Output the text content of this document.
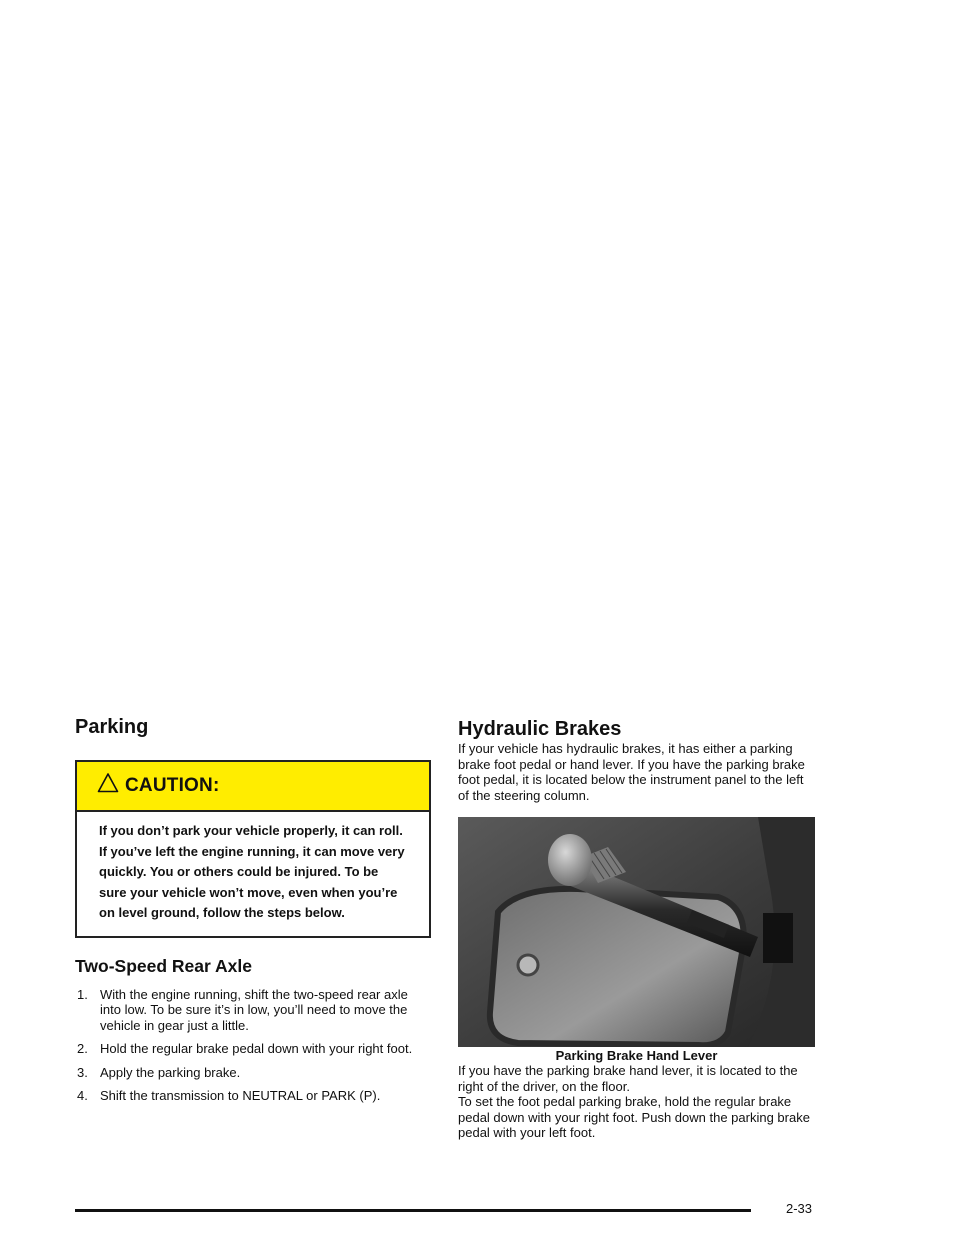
Parking
CAUTION:
If you don’t park your vehicle properly, it can roll. If you’ve left the engine running, it can move very quickly. You or others could be injured. To be sure your vehicle won’t move, even when you’re on level ground, follow the steps below.
Two-Speed Rear Axle
1. With the engine running, shift the two-speed rear axle into low. To be sure it’s in low, you’ll need to move the vehicle in gear just a little.
2. Hold the regular brake pedal down with your right foot.
3. Apply the parking brake.
4. Shift the transmission to NEUTRAL or PARK (P).
Hydraulic Brakes

If your vehicle has hydraulic brakes, it has either a parking brake foot pedal or hand lever. If you have the parking brake foot pedal, it is located below the instrument panel to the left of the steering column.

Parking Brake Hand Lever

If you have the parking brake hand lever, it is located to the right of the driver, on the floor.

To set the foot pedal parking brake, hold the regular brake pedal down with your right foot. Push down the parking brake pedal with your left foot.

2-33
